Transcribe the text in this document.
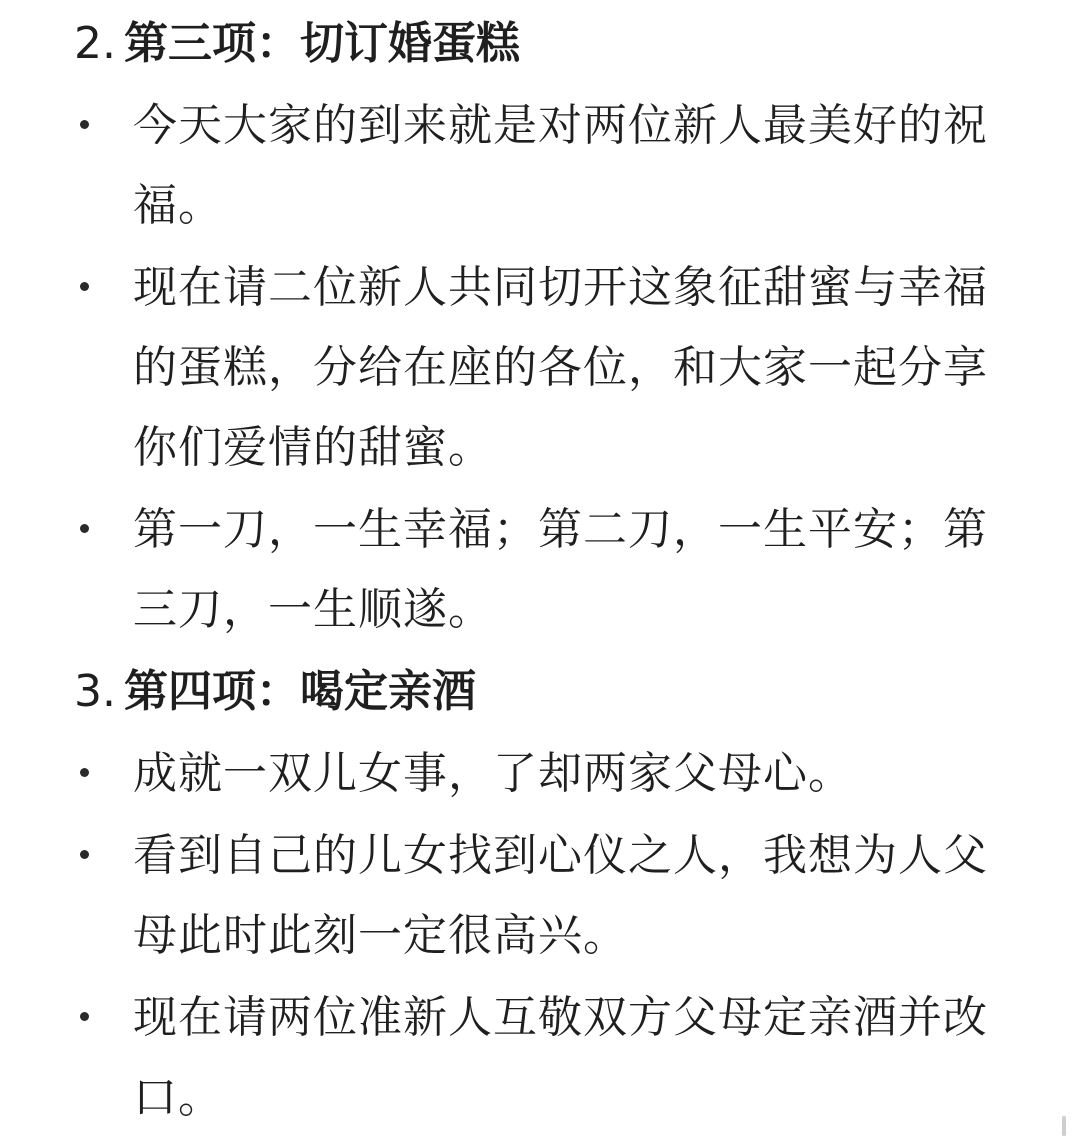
2. 第三项：切订婚蛋糕
今天大家的到来就是对两位新人最美好的祝福。
现在请二位新人共同切开这象征甜蜜与幸福的蛋糕，分给在座的各位，和大家一起分享你们爱情的甜蜜。
第一刀，一生幸福；第二刀，一生平安；第三刀，一生顺遂。
3. 第四项：喝定亲酒
成就一双儿女事，了却两家父母心。
看到自己的儿女找到心仪之人，我想为人父母此时此刻一定很高兴。
现在请两位准新人互敬双方父母定亲酒并改口。
